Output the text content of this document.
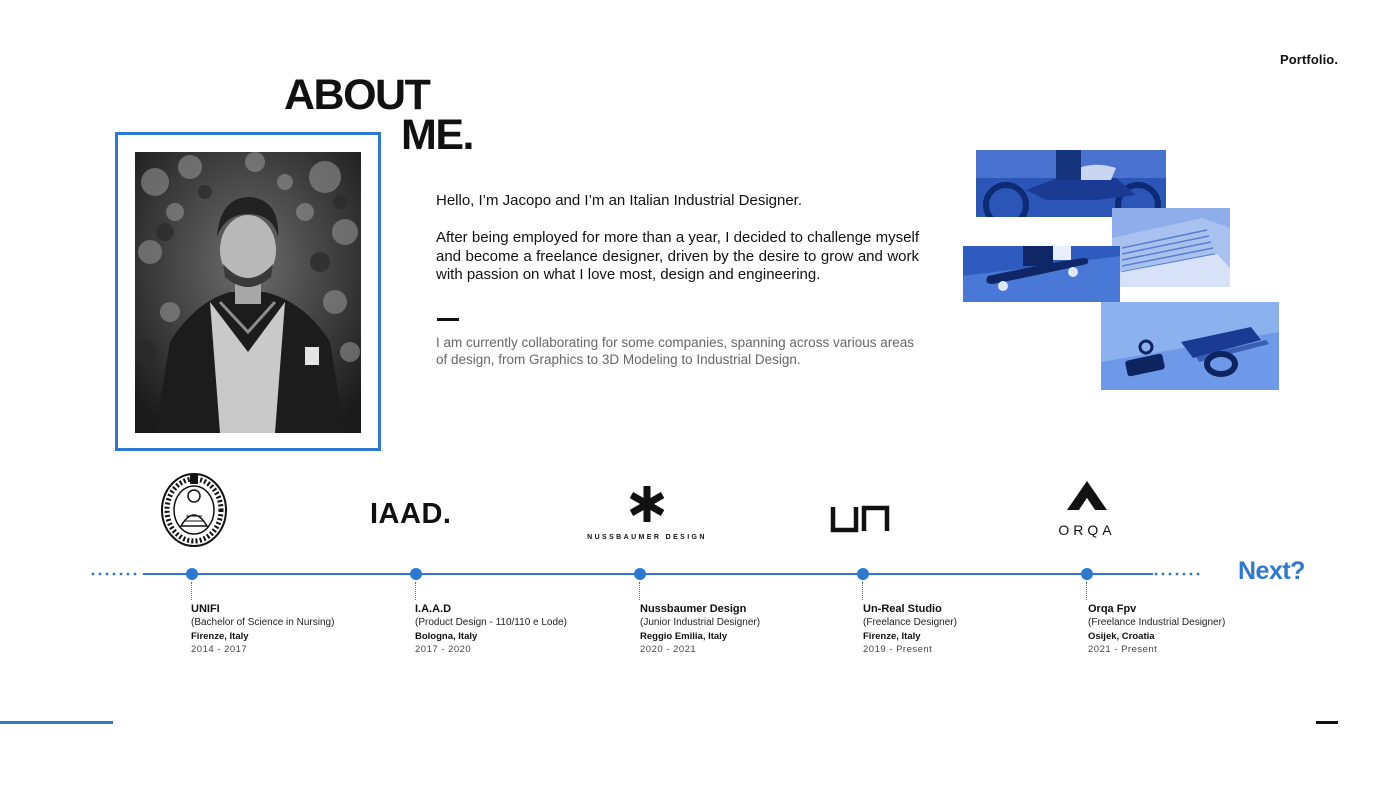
Portfolio.
ABOUT
ME.
Hello, I’m Jacopo and I’m an Italian Industrial Designer.
After being employed for more than a year, I decided to challenge myself and become a freelance designer, driven by the desire to grow and work with passion on what I love most, design and engineering.
I am currently collaborating for some companies, spanning across various areas of design, from Graphics to 3D Modeling to Industrial Design.
IAAD.
NUSSBAUMER DESIGN	ORQA
Next?
UNIFI
(Bachelor of Science in Nursing)
Firenze, Italy
2014 - 2017
I.A.A.D
(Product Design - 110/110 e Lode)
Bologna, Italy
2017 - 2020
Nussbaumer Design
(Junior Industrial Designer)
Reggio Emilia, Italy
2020 - 2021
Un-Real Studio
(Freelance Designer)
Firenze, Italy
2019 - Present
Orqa Fpv
(Freelance Industrial Designer)
Osijek, Croatia
2021 - Present
